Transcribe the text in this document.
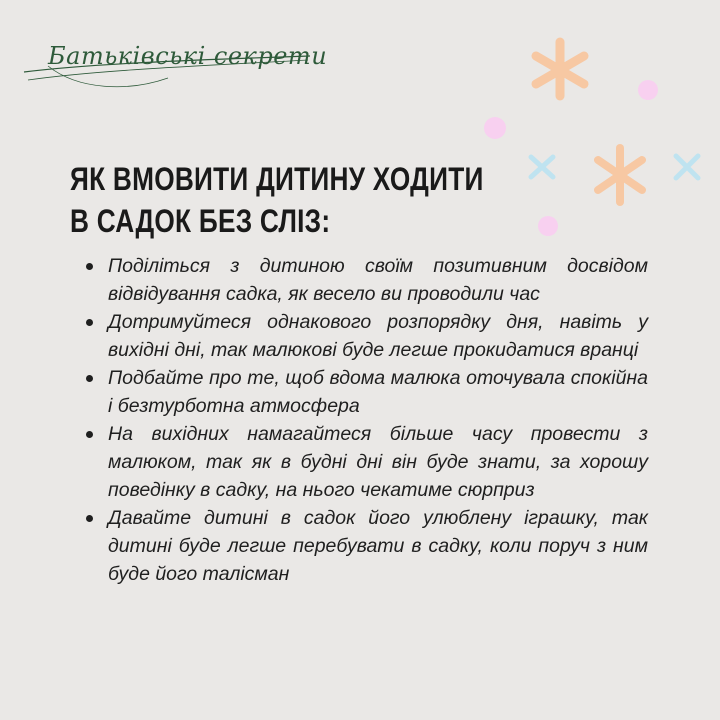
Батьківські секрети
ЯК ВМОВИТИ ДИТИНУ ХОДИТИ
В САДОК БЕЗ СЛІЗ:
Поділіться з дитиною своїм позитивним досвідом відвідування садка, як весело ви проводили час
Дотримуйтеся однакового розпорядку дня, навіть у вихідні дні, так малюкові буде легше прокидатися вранці
Подбайте про те, щоб вдома малюка оточувала спокійна і безтурботна атмосфера
На вихідних намагайтеся більше часу провести з малюком, так як в будні дні він буде знати, за хорошу поведінку в садку, на нього чекатиме сюрприз
Давайте дитині в садок його улюблену іграшку, так дитині буде легше перебувати в садку, коли поруч з ним буде його талісман
